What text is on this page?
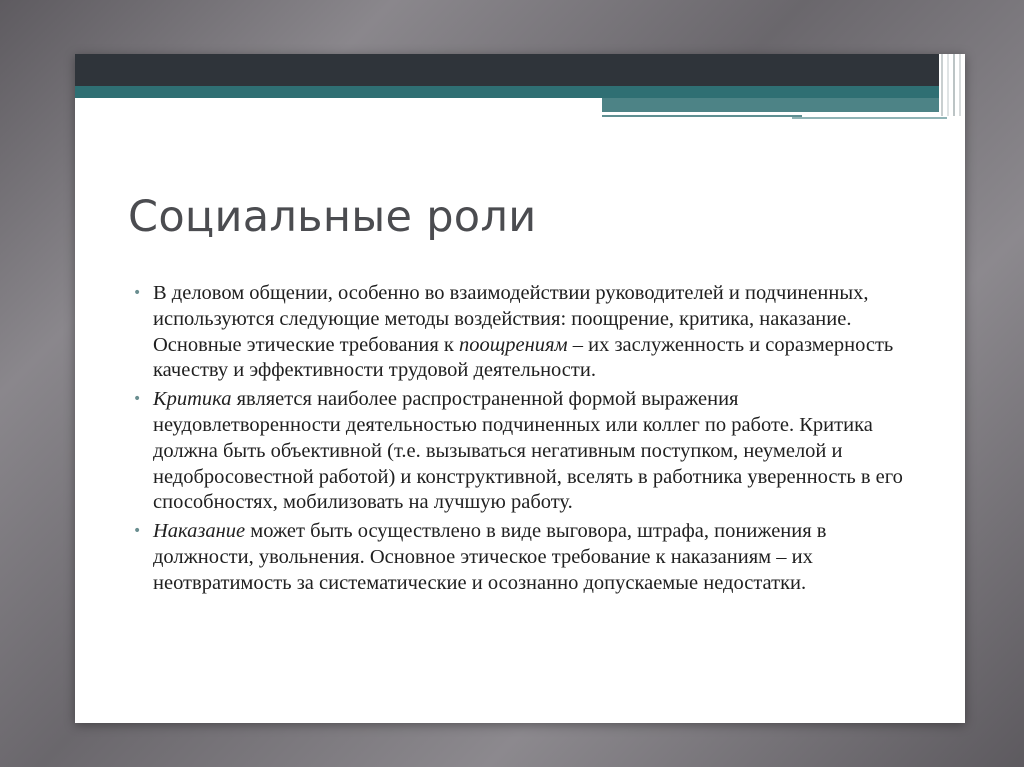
Социальные роли
• В деловом общении, особенно во взаимодействии руководителей и подчиненных, используются следующие методы воздействия: поощрение, критика, наказание. Основные этические требования к поощрениям – их заслуженность и соразмерность качеству и эффективности трудовой деятельности.
• Критика является наиболее распространенной формой выражения неудовлетворенности деятельностью подчиненных или коллег по работе. Критика должна быть объективной (т.е. вызываться негативным поступком, неумелой и недобросовестной работой) и конструктивной, вселять в работника уверенность в его способностях, мобилизовать на лучшую работу.
• Наказание может быть осуществлено в виде выговора, штрафа, понижения в должности, увольнения. Основное этическое требование к наказаниям – их неотвратимость за систематические и осознанно допускаемые недостатки.
